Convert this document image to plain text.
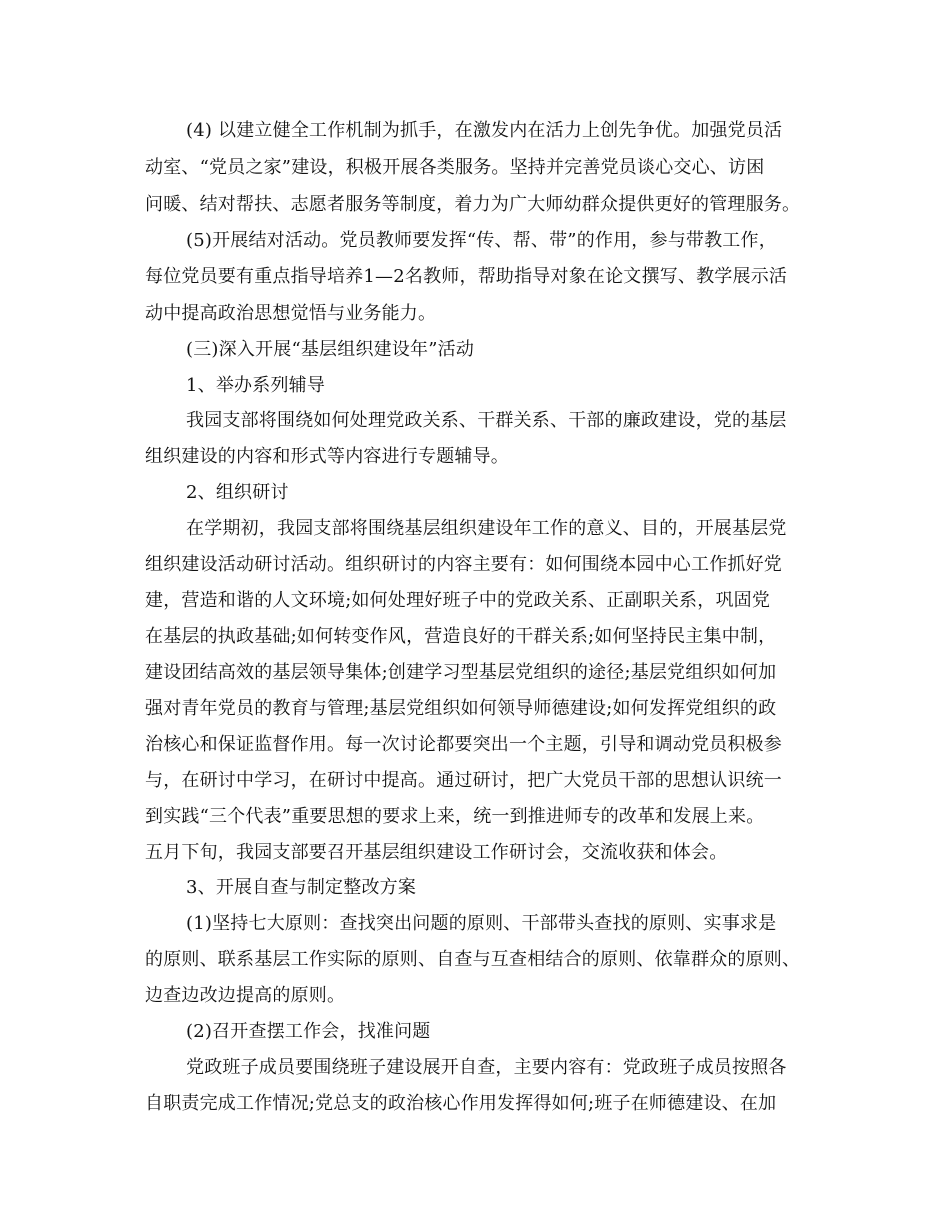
(4) 以建立健全工作机制为抓手，在激发内在活力上创先争优。加强党员活
动室、“党员之家”建设，积极开展各类服务。坚持并完善党员谈心交心、访困
问暖、结对帮扶、志愿者服务等制度，着力为广大师幼群众提供更好的管理服务。
(5)开展结对活动。党员教师要发挥“传、帮、带”的作用，参与带教工作，
每位党员要有重点指导培养1—2名教师，帮助指导对象在论文撰写、教学展示活
动中提高政治思想觉悟与业务能力。
(三)深入开展“基层组织建设年”活动
1、举办系列辅导
我园支部将围绕如何处理党政关系、干群关系、干部的廉政建设，党的基层
组织建设的内容和形式等内容进行专题辅导。
2、组织研讨
在学期初，我园支部将围绕基层组织建设年工作的意义、目的，开展基层党
组织建设活动研讨活动。组织研讨的内容主要有：如何围绕本园中心工作抓好党
建，营造和谐的人文环境;如何处理好班子中的党政关系、正副职关系，巩固党
在基层的执政基础;如何转变作风，营造良好的干群关系;如何坚持民主集中制，
建设团结高效的基层领导集体;创建学习型基层党组织的途径;基层党组织如何加
强对青年党员的教育与管理;基层党组织如何领导师德建设;如何发挥党组织的政
治核心和保证监督作用。每一次讨论都要突出一个主题，引导和调动党员积极参
与，在研讨中学习，在研讨中提高。通过研讨，把广大党员干部的思想认识统一
到实践“三个代表”重要思想的要求上来，统一到推进师专的改革和发展上来。
五月下旬，我园支部要召开基层组织建设工作研讨会，交流收获和体会。
3、开展自查与制定整改方案
(1)坚持七大原则：查找突出问题的原则、干部带头查找的原则、实事求是
的原则、联系基层工作实际的原则、自查与互查相结合的原则、依靠群众的原则、
边查边改边提高的原则。
(2)召开查摆工作会，找准问题
党政班子成员要围绕班子建设展开自查，主要内容有：党政班子成员按照各
自职责完成工作情况;党总支的政治核心作用发挥得如何;班子在师德建设、在加
